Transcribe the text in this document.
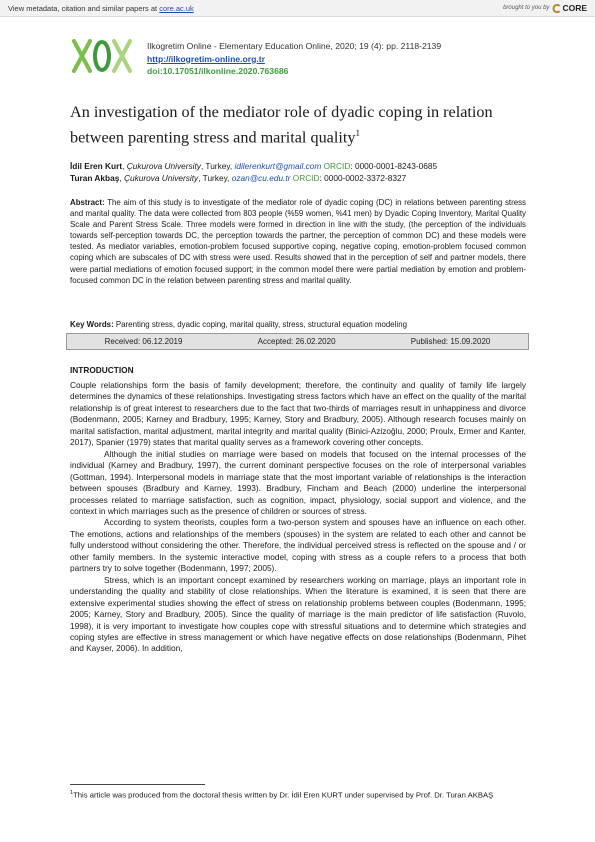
View metadata, citation and similar papers at core.ac.uk	brought to you by CORE
Ilkogretim Online - Elementary Education Online, 2020; 19 (4): pp. 2118-2139
http://ilkogretim-online.org.tr
doi:10.17051/ilkonline.2020.763686
An investigation of the mediator role of dyadic coping in relation between parenting stress and marital quality$^1$
İdil Eren Kurt, Çukurova University, Turkey, idilerenkurt@gmail.com ORCID: 0000-0001-8243-0685
Turan Akbaş, Çukurova University, Turkey, ozan@cu.edu.tr ORCID: 0000-0002-3372-8327

Abstract: The aim of this study is to investigate of the mediator role of dyadic coping (DC) in relations between parenting stress and marital quality. The data were collected from 803 people (%59 women, %41 men) by Dyadic Coping Inventory, Marital Quality Scale and Parent Stress Scale. Three models were formed in direction in line with the study, (the perception of the individuals towards self-perception towards DC, the perception towards the partner, the perception of common DC) and these models were tested. As mediator variables, emotion-problem focused supportive coping, negative coping, emotion-problem focused common coping which are subscales of DC with stress were used. Results showed that in the perception of self and partner models, there were partial mediations of emotion focused support; in the common model there were partial mediation by emotion and problem-focused common DC in the relation between parenting stress and marital quality.

Key Words: Parenting stress, dyadic coping, marital quality, stress, structural equation modeling
Received: 06.12.2019	Accepted: 26.02.2020	Published: 15.09.2020
INTRODUCTION

Couple relationships form the basis of family development; therefore, the continuity and quality of family life largely determines the dynamics of these relationships. Investigating stress factors which have an effect on the quality of the marital relationship is of great interest to researchers due to the fact that two-thirds of marriages result in unhappiness and divorce (Bodenmann, 2005; Karney and Bradbury, 1995; Karney, Story and Bradbury, 2005). Although research focuses mainly on marital satisfaction, marital adjustment, marital integrity and marital quality (Binici-Azizoğlu, 2000; Proulx, Ermer and Kanter, 2017), Spanier (1979) states that marital quality serves as a framework covering other concepts.

Although the initial studies on marriage were based on models that focused on the internal processes of the individual (Karney and Bradbury, 1997), the current dominant perspective focuses on the role of interpersonal variables (Gottman, 1994). Interpersonal models in marriage state that the most important variable of relationships is the interaction between spouses (Bradbury and Karney, 1993). Bradbury, Fincham and Beach (2000) underline the interpersonal processes related to marriage satisfaction, such as cognition, impact, physiology, social support and violence, and the context in which marriages such as the presence of children or sources of stress.

According to system theorists, couples form a two-person system and spouses have an influence on each other. The emotions, actions and relationships of the members (spouses) in the system are related to each other and cannot be fully understood without considering the other. Therefore, the individual perceived stress is reflected on the spouse and / or other family members. In the systemic interactive model, coping with stress as a couple refers to a process that both partners try to solve together (Bodenmann, 1997; 2005).

Stress, which is an important concept examined by researchers working on marriage, plays an important role in understanding the quality and stability of close relationships. When the literature is examined, it is seen that there are extensive experimental studies showing the effect of stress on relationship problems between couples (Bodenmann, 1995; 2005; Karney, Story and Bradbury, 2005). Since the quality of marriage is the main predictor of life satisfaction (Ruvolo, 1998), it is very important to investigate how couples cope with stressful situations and to determine which strategies and coping styles are effective in stress management or which have negative effects on dose relationships (Bodenmann, Pihet and Kayser, 2006). In addition,

$^1$This article was produced from the doctoral thesis written by Dr. İdil Eren KURT under supervised by Prof. Dr. Turan AKBAŞ
